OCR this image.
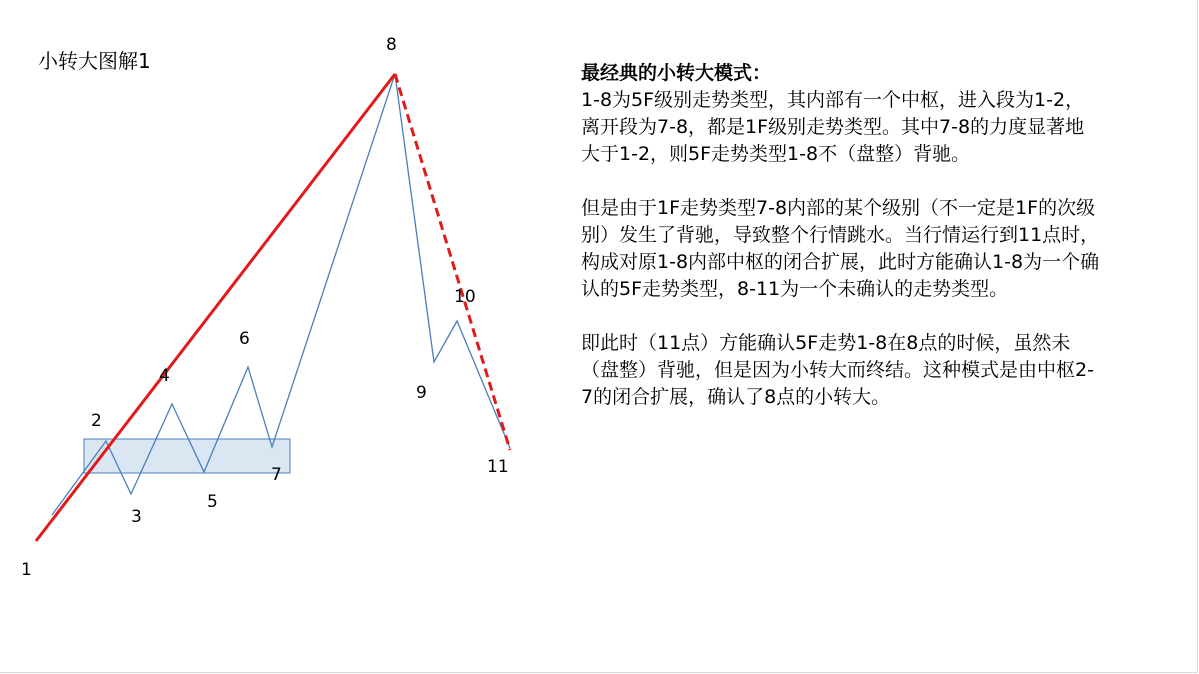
小转大图解1
1
2
3
4
5
6
7
8
9
10
11
最经典的小转大模式：

1-8为5F级别走势类型，其内部有一个中枢，进入段为1-2，离开段为7-8，都是1F级别走势类型。其中7-8的力度显著地大于1-2，则5F走势类型1-8不（盘整）背驰。

但是由于1F走势类型7-8内部的某个级别（不一定是1F的次级别）发生了背驰，导致整个行情跳水。当行情运行到11点时，构成对原1-8内部中枢的闭合扩展，此时方能确认1-8为一个确认的5F走势类型，8-11为一个未确认的走势类型。

即此时（11点）方能确认5F走势1-8在8点的时候，虽然未（盘整）背驰，但是因为小转大而终结。这种模式是由中枢2-7的闭合扩展，确认了8点的小转大。
